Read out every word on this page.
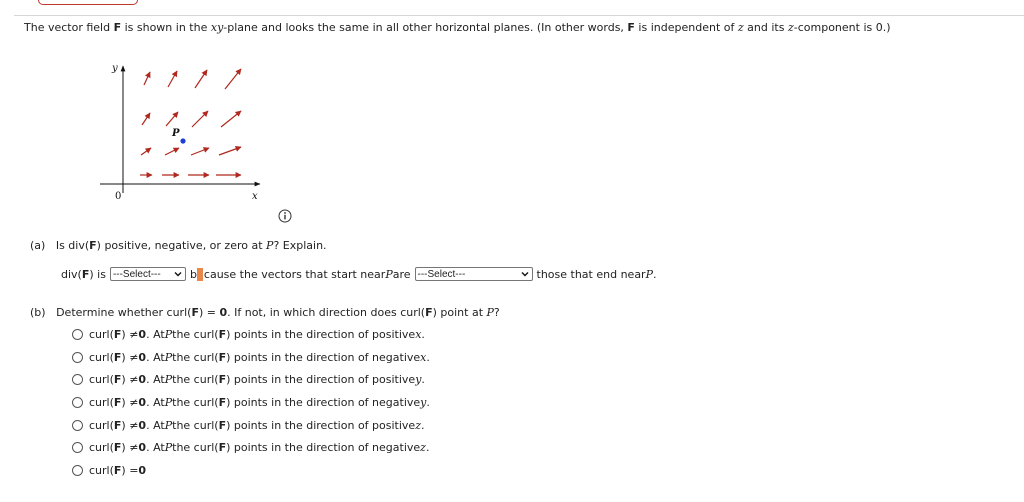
The vector field F is shown in the xy-plane and looks the same in all other horizontal planes. (In other words, F is independent of z and its z-component is 0.)
y
x
0
P
(a) Is div(F) positive, negative, or zero at P? Explain.
div( F ) is ---Select---	b cause the vectors that start near P are ---Select---	those that end near P .
(b) Determine whether curl(F) = 0. If not, in which direction does curl(F) point at P?
curl( F ) ≠ 0 . At P the curl( F ) points in the direction of positive x .
curl( F ) ≠ 0 . At P the curl( F ) points in the direction of negative x .
curl( F ) ≠ 0 . At P the curl( F ) points in the direction of positive y .
curl( F ) ≠ 0 . At P the curl( F ) points in the direction of negative y .
curl( F ) ≠ 0 . At P the curl( F ) points in the direction of positive z .
curl( F ) ≠ 0 . At P the curl( F ) points in the direction of negative z .
curl( F ) = 0
